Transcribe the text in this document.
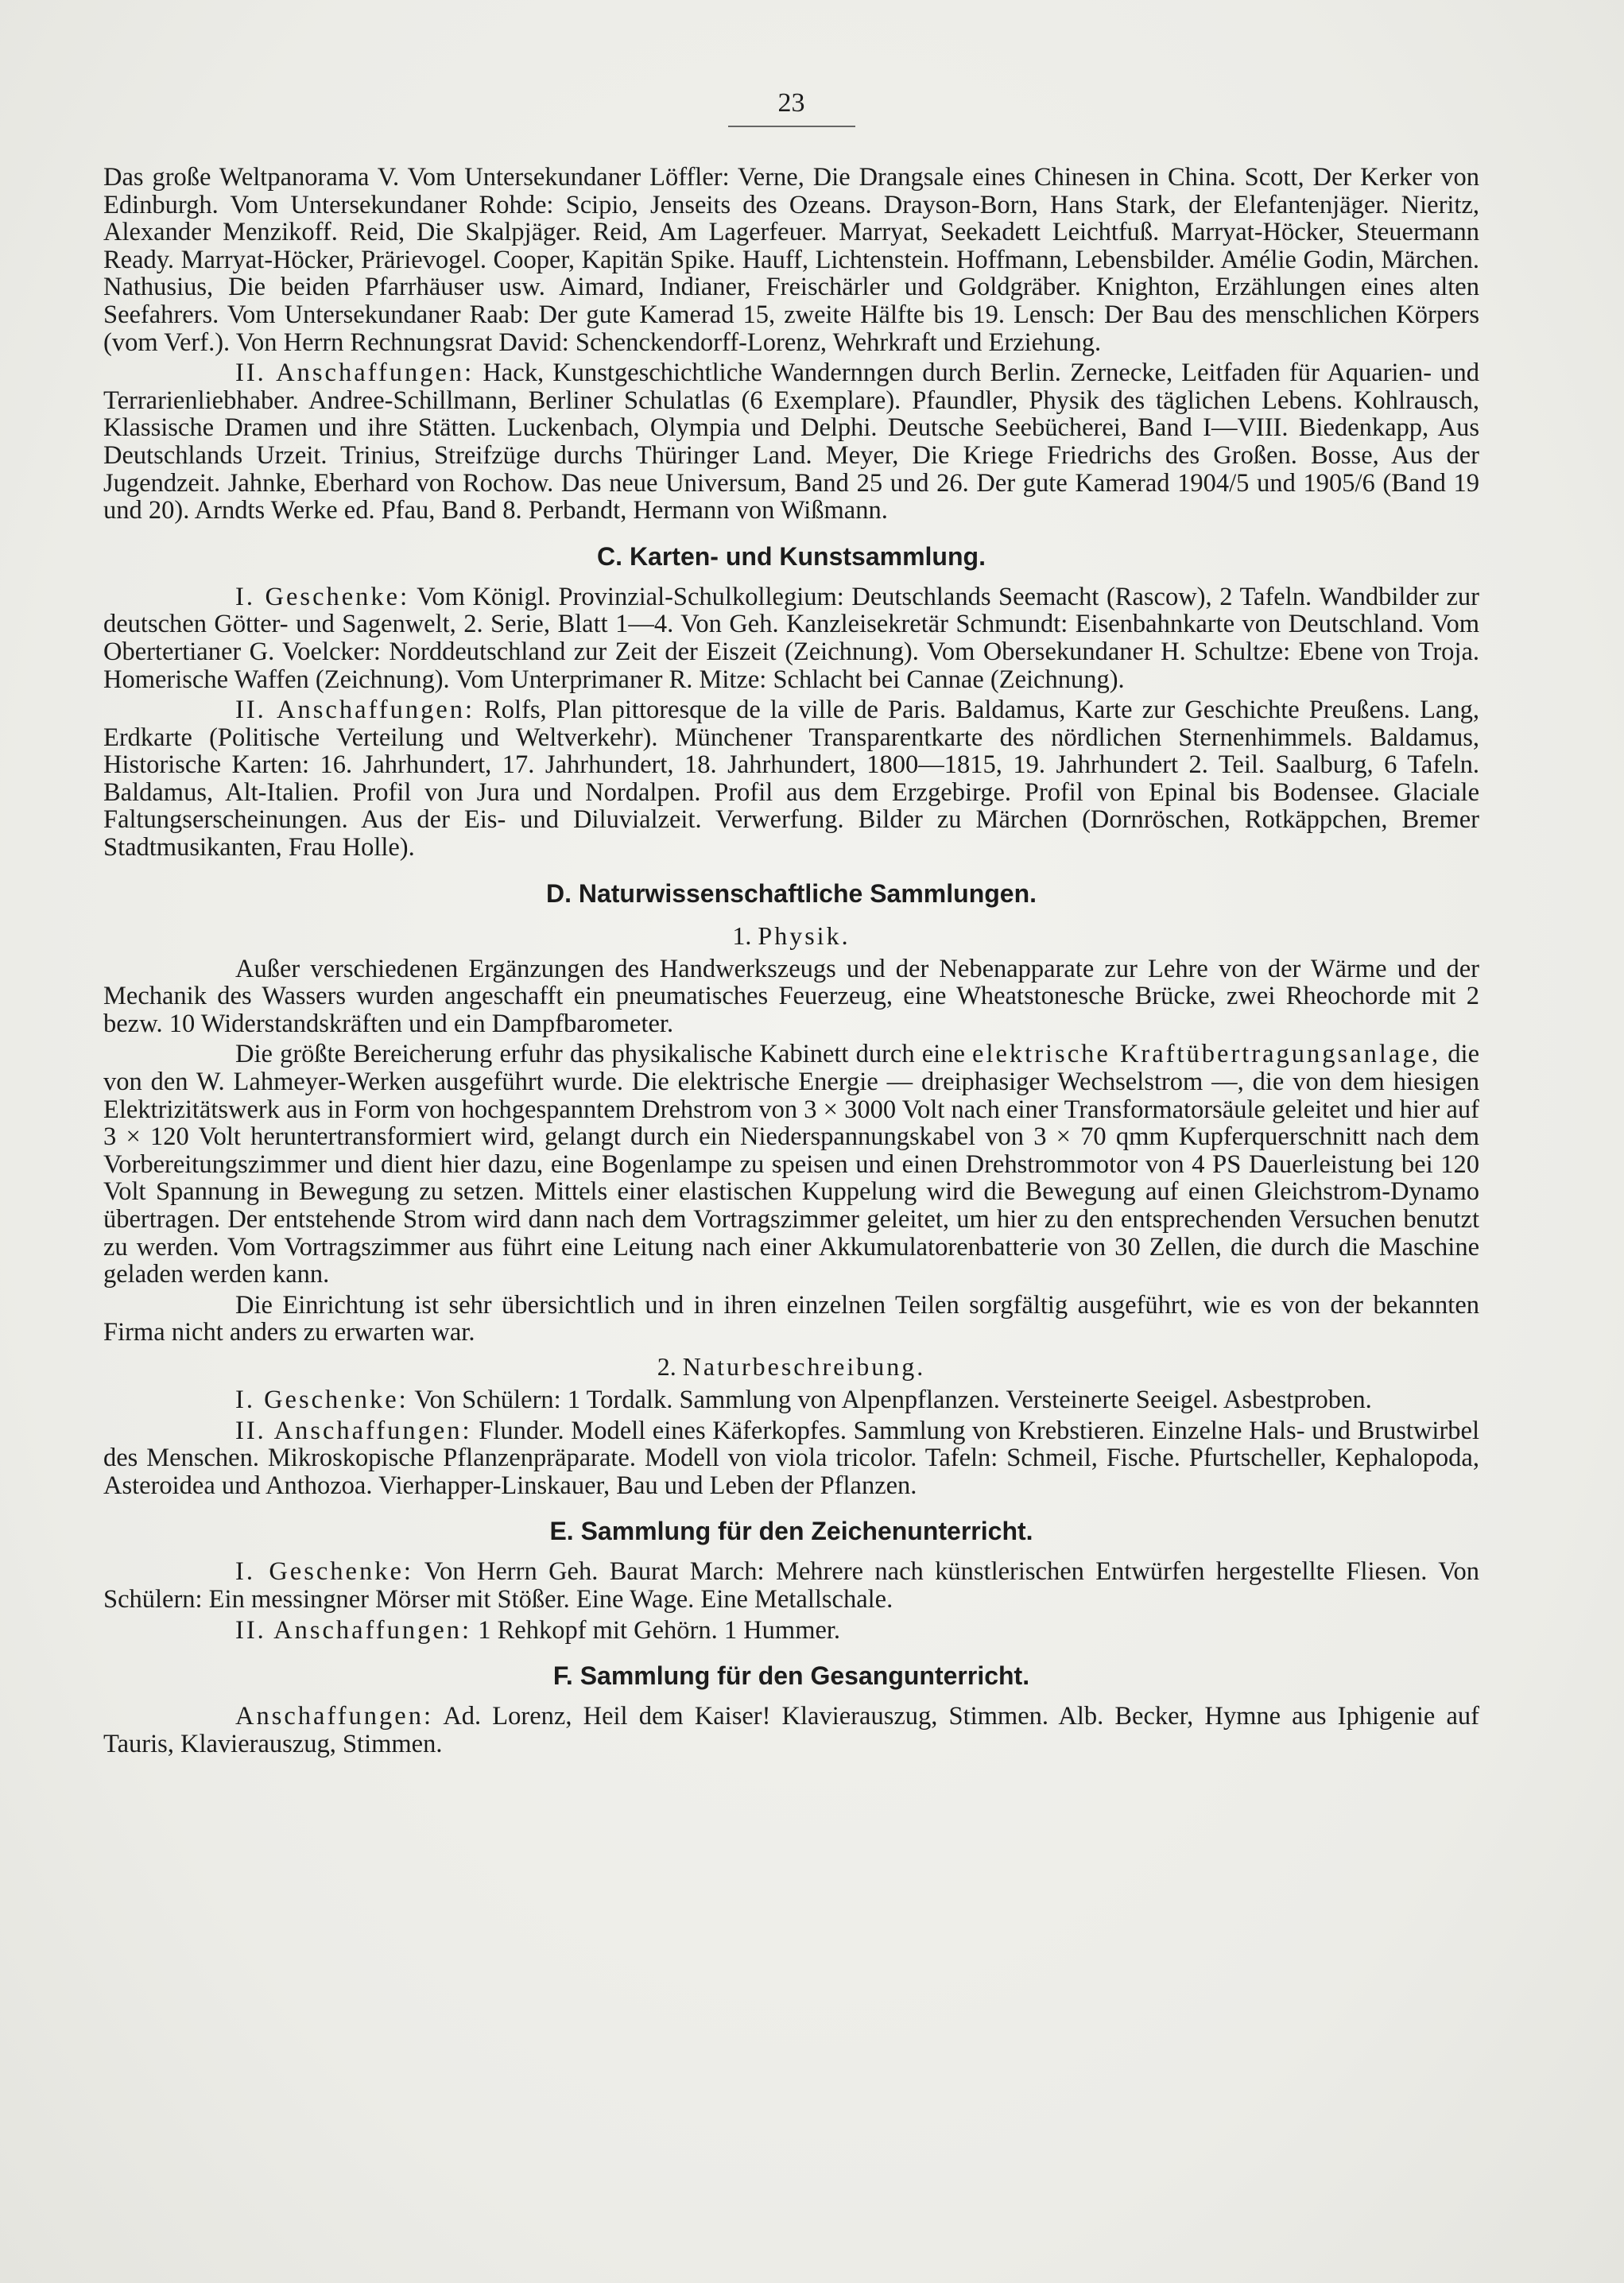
23

Das große Weltpanorama V. Vom Untersekundaner Löffler: Verne, Die Drangsale eines Chinesen in China. Scott, Der Kerker von Edinburgh. Vom Untersekundaner Rohde: Scipio, Jenseits des Ozeans. Drayson-Born, Hans Stark, der Elefantenjäger. Nieritz, Alexander Menzikoff. Reid, Die Skalpjäger. Reid, Am Lagerfeuer. Marryat, Seekadett Leichtfuß. Marryat-Höcker, Steuermann Ready. Marryat-Höcker, Prärievogel. Cooper, Kapitän Spike. Hauff, Lichtenstein. Hoffmann, Lebensbilder. Amélie Godin, Märchen. Nathusius, Die beiden Pfarrhäuser usw. Aimard, Indianer, Freischärler und Goldgräber. Knighton, Erzählungen eines alten Seefahrers. Vom Untersekundaner Raab: Der gute Kamerad 15, zweite Hälfte bis 19. Lensch: Der Bau des menschlichen Körpers (vom Verf.). Von Herrn Rechnungsrat David: Schenckendorff-Lorenz, Wehrkraft und Erziehung.

II. Anschaffungen: Hack, Kunstgeschichtliche Wandernngen durch Berlin. Zernecke, Leitfaden für Aquarien- und Terrarienliebhaber. Andree-Schillmann, Berliner Schulatlas (6 Exemplare). Pfaundler, Physik des täglichen Lebens. Kohlrausch, Klassische Dramen und ihre Stätten. Luckenbach, Olympia und Delphi. Deutsche Seebücherei, Band I—VIII. Biedenkapp, Aus Deutschlands Urzeit. Trinius, Streifzüge durchs Thüringer Land. Meyer, Die Kriege Friedrichs des Großen. Bosse, Aus der Jugendzeit. Jahnke, Eberhard von Rochow. Das neue Universum, Band 25 und 26. Der gute Kamerad 1904/5 und 1905/6 (Band 19 und 20). Arndts Werke ed. Pfau, Band 8. Perbandt, Hermann von Wißmann.

C. Karten- und Kunstsammlung.

I. Geschenke: Vom Königl. Provinzial-Schulkollegium: Deutschlands Seemacht (Rascow), 2 Tafeln. Wandbilder zur deutschen Götter- und Sagenwelt, 2. Serie, Blatt 1—4. Von Geh. Kanzleisekretär Schmundt: Eisenbahnkarte von Deutschland. Vom Obertertianer G. Voelcker: Norddeutschland zur Zeit der Eiszeit (Zeichnung). Vom Obersekundaner H. Schultze: Ebene von Troja. Homerische Waffen (Zeichnung). Vom Unterprimaner R. Mitze: Schlacht bei Cannae (Zeichnung).

II. Anschaffungen: Rolfs, Plan pittoresque de la ville de Paris. Baldamus, Karte zur Geschichte Preußens. Lang, Erdkarte (Politische Verteilung und Weltverkehr). Münchener Transparentkarte des nördlichen Sternenhimmels. Baldamus, Historische Karten: 16. Jahrhundert, 17. Jahrhundert, 18. Jahrhundert, 1800—1815, 19. Jahrhundert 2. Teil. Saalburg, 6 Tafeln. Baldamus, Alt-Italien. Profil von Jura und Nordalpen. Profil aus dem Erzgebirge. Profil von Epinal bis Bodensee. Glaciale Faltungserscheinungen. Aus der Eis- und Diluvialzeit. Verwerfung. Bilder zu Märchen (Dornröschen, Rotkäppchen, Bremer Stadtmusikanten, Frau Holle).

D. Naturwissenschaftliche Sammlungen.
1. Physik.

Außer verschiedenen Ergänzungen des Handwerkszeugs und der Nebenapparate zur Lehre von der Wärme und der Mechanik des Wassers wurden angeschafft ein pneumatisches Feuerzeug, eine Wheatstonesche Brücke, zwei Rheochorde mit 2 bezw. 10 Widerstandskräften und ein Dampfbarometer.

Die größte Bereicherung erfuhr das physikalische Kabinett durch eine elektrische Kraftübertragungsanlage, die von den W. Lahmeyer-Werken ausgeführt wurde. Die elektrische Energie — dreiphasiger Wechselstrom —, die von dem hiesigen Elektrizitätswerk aus in Form von hochgespanntem Drehstrom von 3 × 3000 Volt nach einer Transformatorsäule geleitet und hier auf 3 × 120 Volt heruntertransformiert wird, gelangt durch ein Niederspannungskabel von 3 × 70 qmm Kupferquerschnitt nach dem Vorbereitungszimmer und dient hier dazu, eine Bogenlampe zu speisen und einen Drehstrommotor von 4 PS Dauerleistung bei 120 Volt Spannung in Bewegung zu setzen. Mittels einer elastischen Kuppelung wird die Bewegung auf einen Gleichstrom-Dynamo übertragen. Der entstehende Strom wird dann nach dem Vortragszimmer geleitet, um hier zu den entsprechenden Versuchen benutzt zu werden. Vom Vortragszimmer aus führt eine Leitung nach einer Akkumulatorenbatterie von 30 Zellen, die durch die Maschine geladen werden kann.

Die Einrichtung ist sehr übersichtlich und in ihren einzelnen Teilen sorgfältig ausgeführt, wie es von der bekannten Firma nicht anders zu erwarten war.

2. Naturbeschreibung.

I. Geschenke: Von Schülern: 1 Tordalk. Sammlung von Alpenpflanzen. Versteinerte Seeigel. Asbestproben.

II. Anschaffungen: Flunder. Modell eines Käferkopfes. Sammlung von Krebstieren. Einzelne Hals- und Brustwirbel des Menschen. Mikroskopische Pflanzenpräparate. Modell von viola tricolor. Tafeln: Schmeil, Fische. Pfurtscheller, Kephalopoda, Asteroidea und Anthozoa. Vierhapper-Linskauer, Bau und Leben der Pflanzen.

E. Sammlung für den Zeichenunterricht.

I. Geschenke: Von Herrn Geh. Baurat March: Mehrere nach künstlerischen Entwürfen hergestellte Fliesen. Von Schülern: Ein messingner Mörser mit Stößer. Eine Wage. Eine Metallschale.

II. Anschaffungen: 1 Rehkopf mit Gehörn. 1 Hummer.

F. Sammlung für den Gesangunterricht.

Anschaffungen: Ad. Lorenz, Heil dem Kaiser! Klavierauszug, Stimmen. Alb. Becker, Hymne aus Iphigenie auf Tauris, Klavierauszug, Stimmen.
